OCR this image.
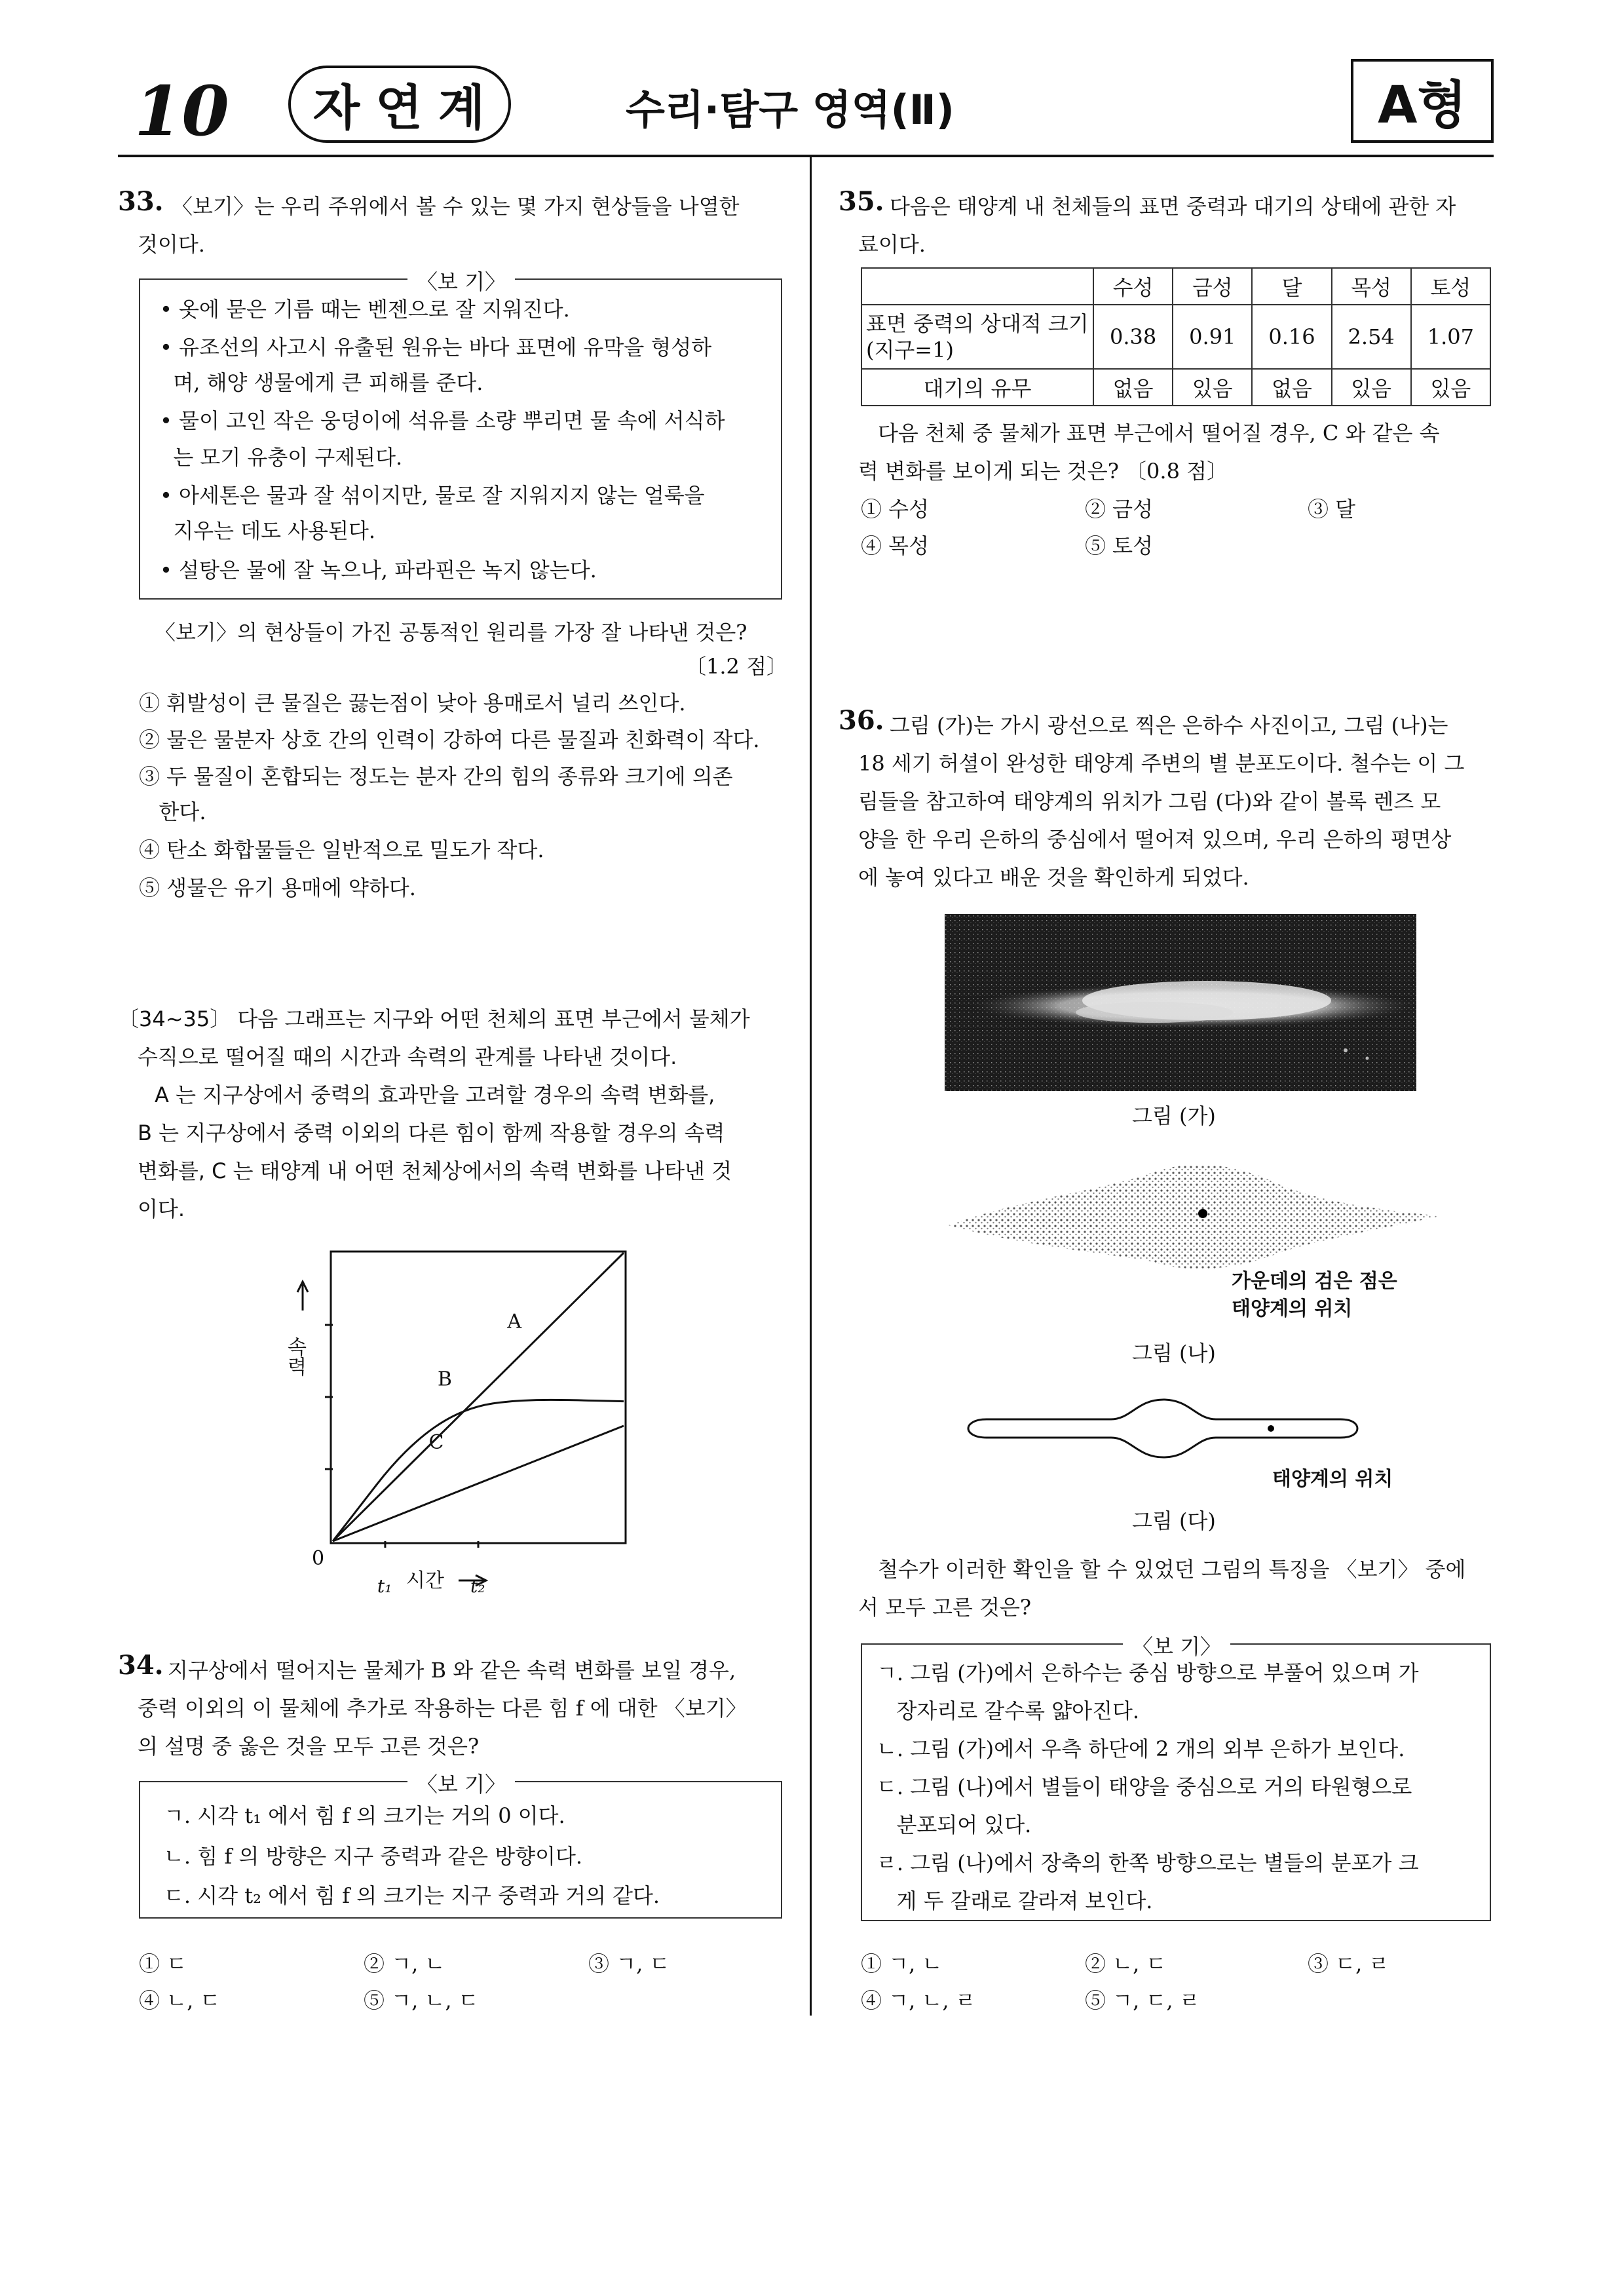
10	자연계	수리·탐구 영역(Ⅱ)	A형
33. 〈보기〉는 우리 주위에서 볼 수 있는 몇 가지 현상들을 나열한
것이다.
〈보 기〉
• 옷에 묻은 기름 때는 벤젠으로 잘 지워진다.
• 유조선의 사고시 유출된 원유는 바다 표면에 유막을 형성하
며, 해양 생물에게 큰 피해를 준다.
• 물이 고인 작은 웅덩이에 석유를 소량 뿌리면 물 속에 서식하
는 모기 유충이 구제된다.
• 아세톤은 물과 잘 섞이지만, 물로 잘 지워지지 않는 얼룩을
지우는 데도 사용된다.
• 설탕은 물에 잘 녹으나, 파라핀은 녹지 않는다.
〈보기〉의 현상들이 가진 공통적인 원리를 가장 잘 나타낸 것은?
〔1.2 점〕
① 휘발성이 큰 물질은 끓는점이 낮아 용매로서 널리 쓰인다.
② 물은 물분자 상호 간의 인력이 강하여 다른 물질과 친화력이 작다.
③ 두 물질이 혼합되는 정도는 분자 간의 힘의 종류와 크기에 의존
한다.
④ 탄소 화합물들은 일반적으로 밀도가 작다.
⑤ 생물은 유기 용매에 약하다.
〔34∼35〕 다음 그래프는 지구와 어떤 천체의 표면 부근에서 물체가
수직으로 떨어질 때의 시간과 속력의 관계를 나타낸 것이다.
A 는 지구상에서 중력의 효과만을 고려할 경우의 속력 변화를,
B 는 지구상에서 중력 이외의 다른 힘이 함께 작용할 경우의 속력
변화를, C 는 태양계 내 어떤 천체상에서의 속력 변화를 나타낸 것
이다.
A
B
C
속력
0
시간
t₁	t₂
34. 지구상에서 떨어지는 물체가 B 와 같은 속력 변화를 보일 경우,
중력 이외의 이 물체에 추가로 작용하는 다른 힘 f 에 대한 〈보기〉
의 설명 중 옳은 것을 모두 고른 것은?
〈보 기〉
ㄱ. 시각 t₁ 에서 힘 f 의 크기는 거의 0 이다.
ㄴ. 힘 f 의 방향은 지구 중력과 같은 방향이다.
ㄷ. 시각 t₂ 에서 힘 f 의 크기는 지구 중력과 거의 같다.
① ㄷ	② ㄱ, ㄴ	③ ㄱ, ㄷ
④ ㄴ, ㄷ	⑤ ㄱ, ㄴ, ㄷ
35. 다음은 태양계 내 천체들의 표면 중력과 대기의 상태에 관한 자
료이다.
	수성	금성	달	목성	토성
표면 중력의 상대적 크기(지구=1)	0.38	0.91	0.16	2.54	1.07
대기의 유무	없음	있음	없음	있음	있음
다음 천체 중 물체가 표면 부근에서 떨어질 경우, C 와 같은 속
력 변화를 보이게 되는 것은? 〔0.8 점〕
① 수성	② 금성	③ 달
④ 목성	⑤ 토성
36. 그림 (가)는 가시 광선으로 찍은 은하수 사진이고, 그림 (나)는
18 세기 허셜이 완성한 태양계 주변의 별 분포도이다. 철수는 이 그
림들을 참고하여 태양계의 위치가 그림 (다)와 같이 볼록 렌즈 모
양을 한 우리 은하의 중심에서 떨어져 있으며, 우리 은하의 평면상
에 놓여 있다고 배운 것을 확인하게 되었다.
그림 (가)
가운데의 검은 점은
태양계의 위치
그림 (나)
태양계의 위치
그림 (다)
철수가 이러한 확인을 할 수 있었던 그림의 특징을 〈보기〉 중에
서 모두 고른 것은?
〈보 기〉
ㄱ. 그림 (가)에서 은하수는 중심 방향으로 부풀어 있으며 가
장자리로 갈수록 얇아진다.
ㄴ. 그림 (가)에서 우측 하단에 2 개의 외부 은하가 보인다.
ㄷ. 그림 (나)에서 별들이 태양을 중심으로 거의 타원형으로
분포되어 있다.
ㄹ. 그림 (나)에서 장축의 한쪽 방향으로는 별들의 분포가 크
게 두 갈래로 갈라져 보인다.
① ㄱ, ㄴ	② ㄴ, ㄷ	③ ㄷ, ㄹ
④ ㄱ, ㄴ, ㄹ	⑤ ㄱ, ㄷ, ㄹ
